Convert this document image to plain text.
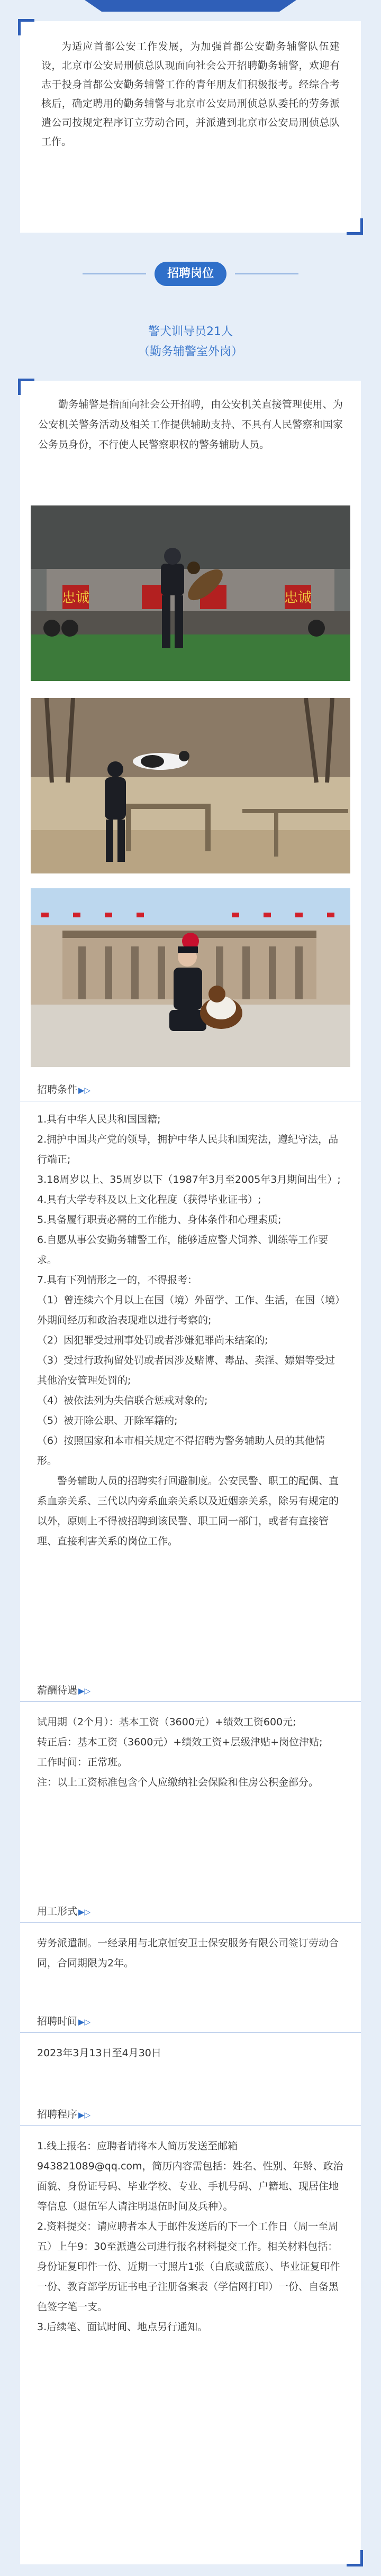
为适应首都公安工作发展，为加强首都公安勤务辅警队伍建设，北京市公安局刑侦总队现面向社会公开招聘勤务辅警，欢迎有志于投身首都公安勤务辅警工作的青年朋友们积极报考。经综合考核后，确定聘用的勤务辅警与北京市公安局刑侦总队委托的劳务派遣公司按规定程序订立劳动合同，并派遣到北京市公安局刑侦总队工作。

招聘岗位
警犬训导员21人
（勤务辅警室外岗）

勤务辅警是指面向社会公开招聘，由公安机关直接管理使用、为公安机关警务活动及相关工作提供辅助支持、不具有人民警察和国家公务员身份，不行使人民警察职权的警务辅助人员。

忠诚	忠诚
招聘条件 ▶▷

1.具有中华人民共和国国籍;

2.拥护中国共产党的领导，拥护中华人民共和国宪法，遵纪守法，品行端正;

3.18周岁以上、35周岁以下（1987年3月至2005年3月期间出生）;

4.具有大学专科及以上文化程度（获得毕业证书）;

5.具备履行职责必需的工作能力、身体条件和心理素质;

6.自愿从事公安勤务辅警工作，能够适应警犬饲养、训练等工作要求。

7.具有下列情形之一的，不得报考：

（1）曾连续六个月以上在国（境）外留学、工作、生活，在国（境）外期间经历和政治表现难以进行考察的;

（2）因犯罪受过刑事处罚或者涉嫌犯罪尚未结案的;

（3）受过行政拘留处罚或者因涉及赌博、毒品、卖淫、嫖娼等受过其他治安管理处罚的;

（4）被依法列为失信联合惩戒对象的;

（5）被开除公职、开除军籍的;

（6）按照国家和本市相关规定不得招聘为警务辅助人员的其他情形。

　　警务辅助人员的招聘实行回避制度。公安民警、职工的配偶、直系血亲关系、三代以内旁系血亲关系以及近姻亲关系，除另有规定的以外，原则上不得被招聘到该民警、职工同一部门，或者有直接管理、直接利害关系的岗位工作。

薪酬待遇 ▶▷

试用期（2个月）：基本工资（3600元）+绩效工资600元;

转正后：基本工资（3600元）+绩效工资+层级津贴+岗位津贴;

工作时间：正常班。

注：以上工资标准包含个人应缴纳社会保险和住房公积金部分。

用工形式 ▶▷

劳务派遣制。一经录用与北京恒安卫士保安服务有限公司签订劳动合同，合同期限为2年。

招聘时间 ▶▷

2023年3月13日至4月30日

招聘程序 ▶▷

1.线上报名：应聘者请将本人简历发送至邮箱943821089@qq.com，简历内容需包括：姓名、性别、年龄、政治面貌、身份证号码、毕业学校、专业、手机号码、户籍地、现居住地等信息（退伍军人请注明退伍时间及兵种）。

2.资料提交：请应聘者本人于邮件发送后的下一个工作日（周一至周五）上午9：30至派遣公司进行报名材料提交工作。相关材料包括：身份证复印件一份、近期一寸照片1张（白底或蓝底）、毕业证复印件一份、教育部学历证书电子注册备案表（学信网打印）一份、自备黑色签字笔一支。

3.后续笔、面试时间、地点另行通知。
